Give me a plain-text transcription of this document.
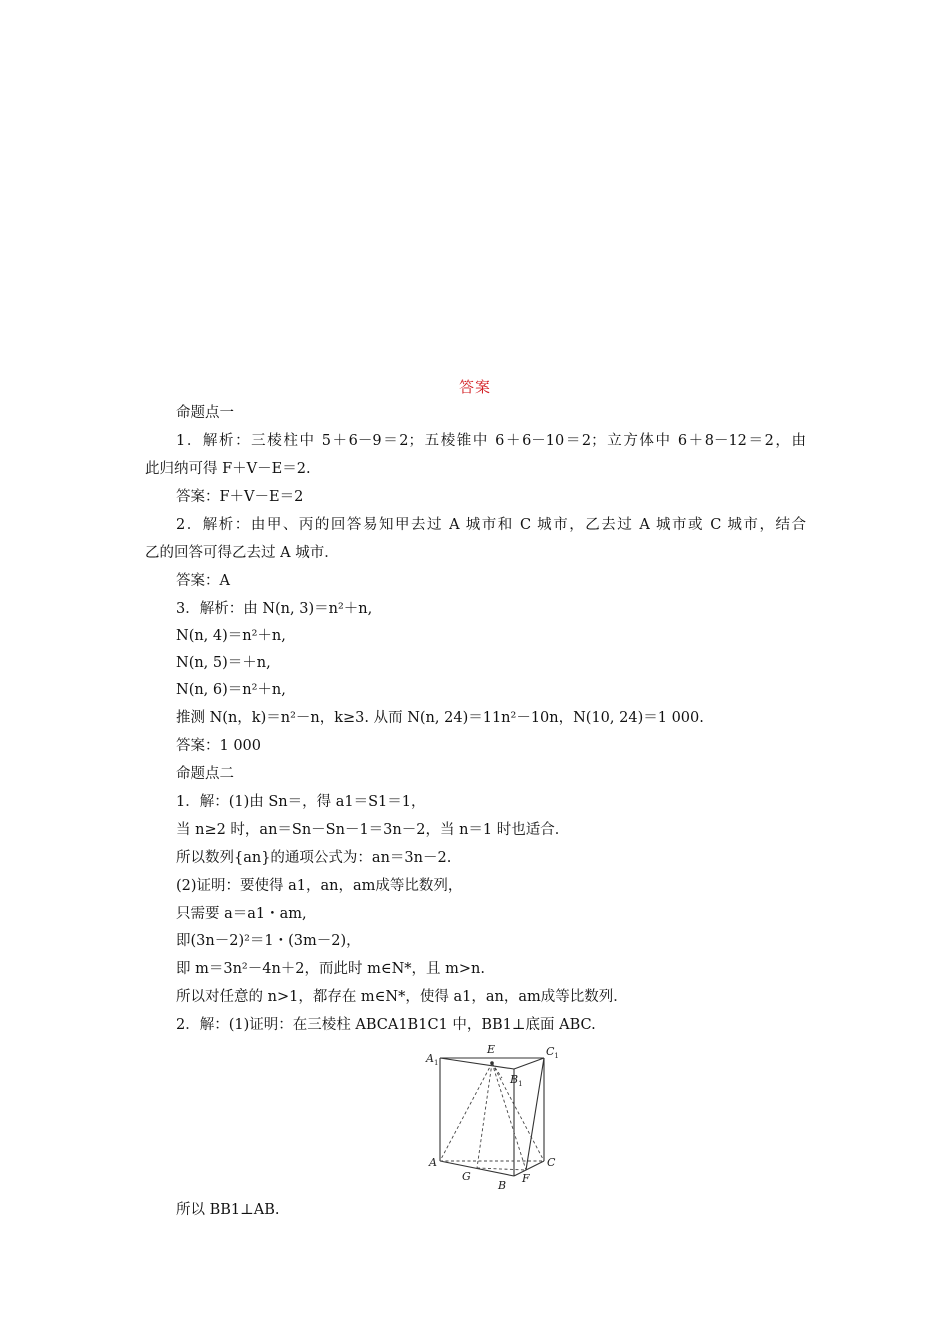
答案
命题点一
1．解析：三棱柱中 5＋6－9＝2；五棱锥中 6＋6－10＝2；立方体中 6＋8－12＝2，由
此归纳可得 F＋V－E＝2.
答案：F＋V－E＝2
2．解析：由甲、丙的回答易知甲去过 A 城市和 C 城市，乙去过 A 城市或 C 城市，结合
乙的回答可得乙去过 A 城市．
答案：A
3．解析：由 N(n, 3)＝n²＋n,
N(n, 4)＝n²＋n,
N(n, 5)＝＋n,
N(n, 6)＝n²＋n,
推测 N(n，k)＝n²－n，k≥3. 从而 N(n, 24)＝11n²－10n，N(10, 24)＝1 000.
答案：1 000
命题点二
1．解：(1)由 Sn＝，得 a1＝S1＝1，
当 n≥2 时，an＝Sn－Sn－1＝3n－2，当 n＝1 时也适合．
所以数列{an}的通项公式为：an＝3n－2.
(2)证明：要使得 a1，an，am成等比数列，
只需要 a＝a1・am,
即(3n－2)²＝1・(3m－2)，
即 m＝3n²－4n＋2，而此时 m∈N*，且 m>n.
所以对任意的 n>1，都存在 m∈N*，使得 a1，an，am成等比数列．
2．解：(1)证明：在三棱柱 ABCA1B1C1 中，BB1⊥底面 ABC.
$A_1$
E	$C_1$
$B_1$
A	C
G
B
F
所以 BB1⊥AB.
